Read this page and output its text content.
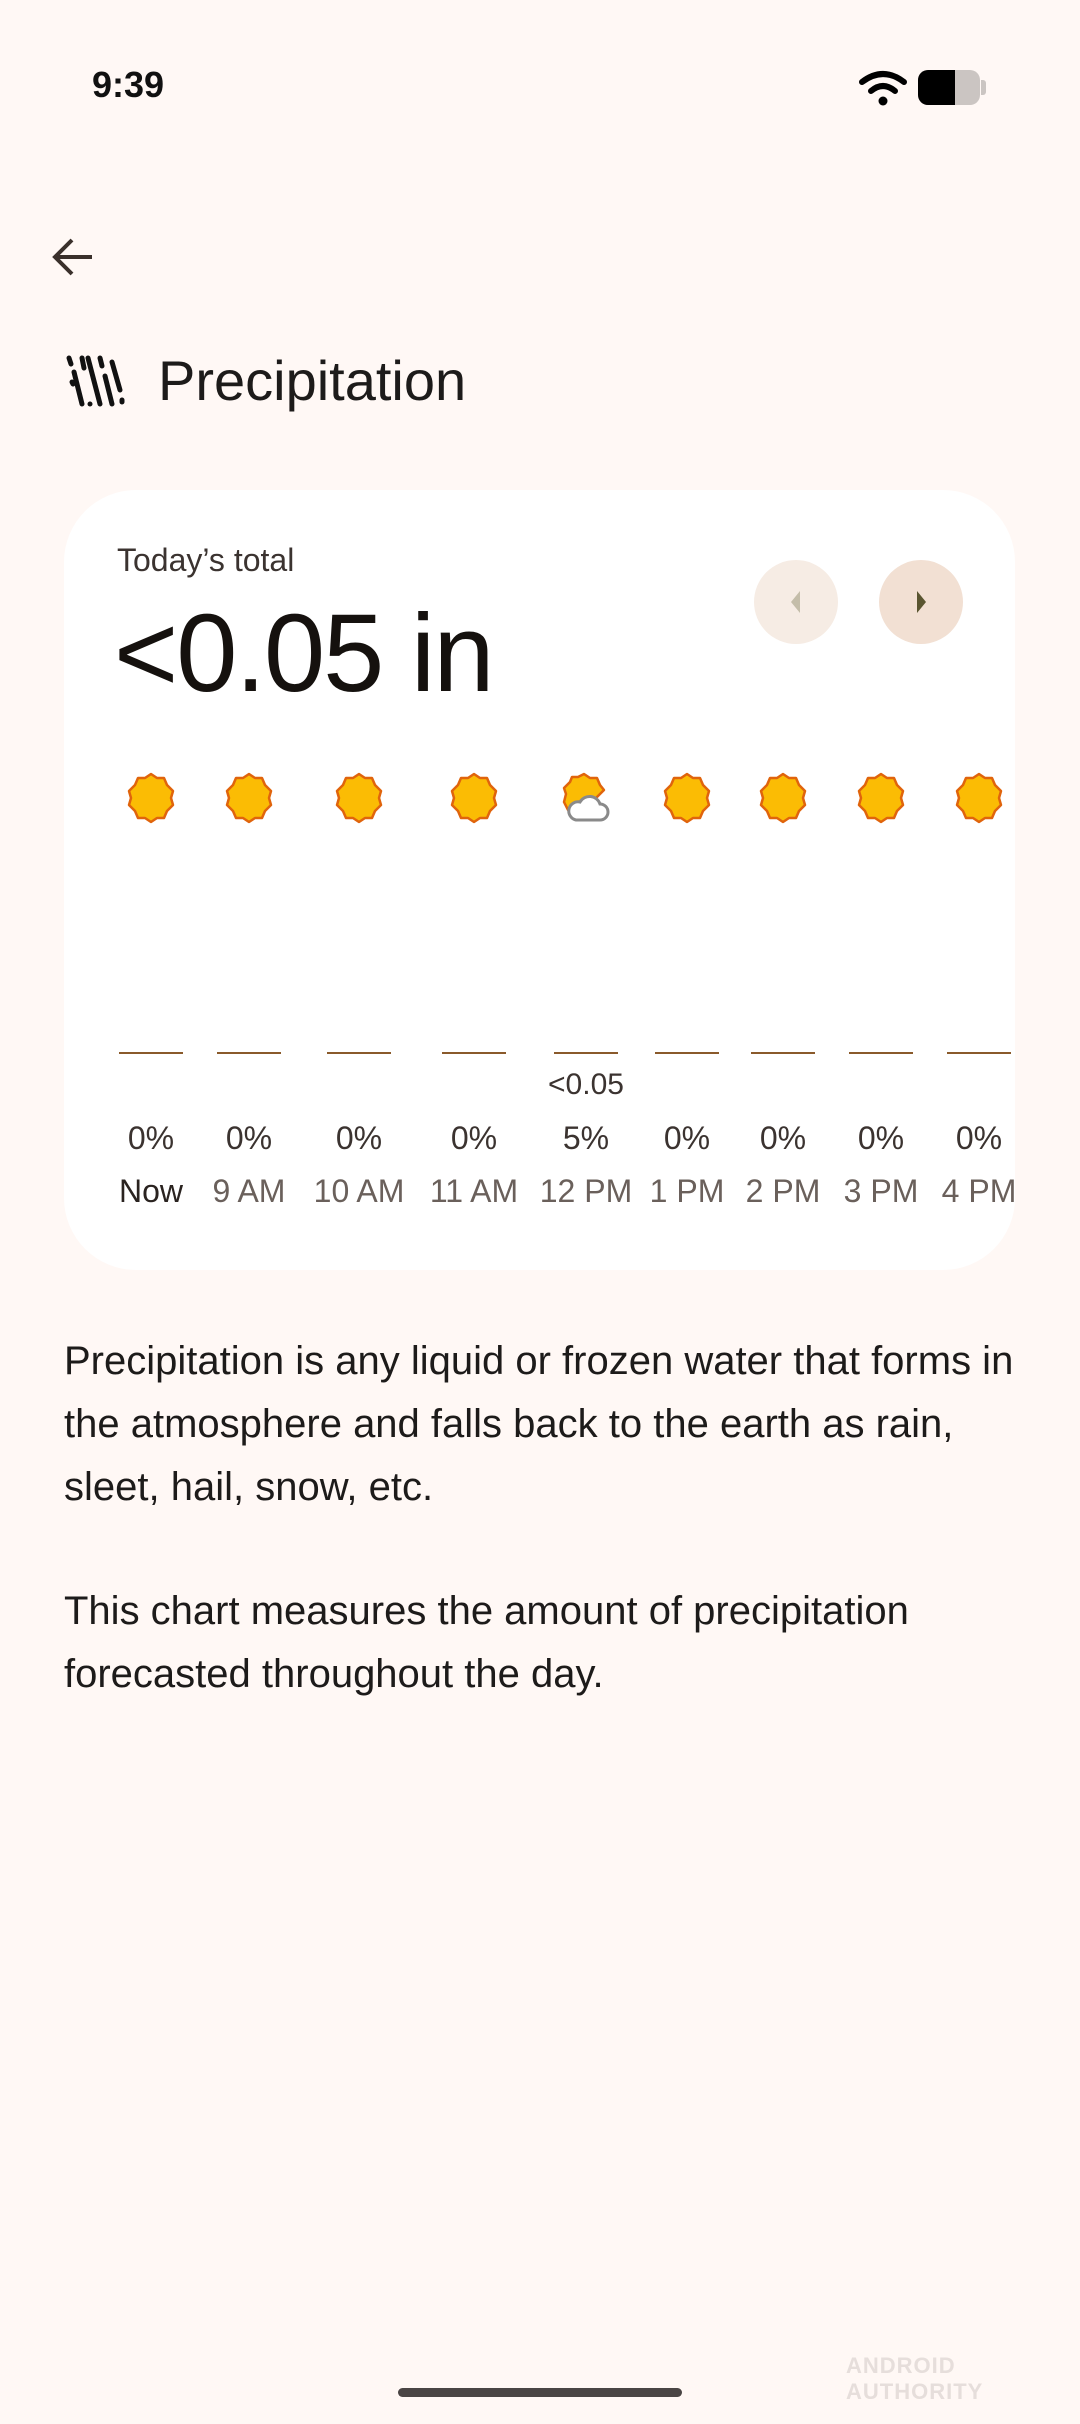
9:39
Precipitation
Today’s total
<0.05 in
0%
Now
0%
9 AM
0%
10 AM
0%
11 AM
<0.05
5%
12 PM
0%
1 PM
0%
2 PM
0%
3 PM
0%
4 PM
Precipitation is any liquid or frozen water that forms in the atmosphere and falls back to the earth as rain, sleet, hail, snow, etc.
This chart measures the amount of precipitation forecasted throughout the day.
ANDROID AUTHORITY
